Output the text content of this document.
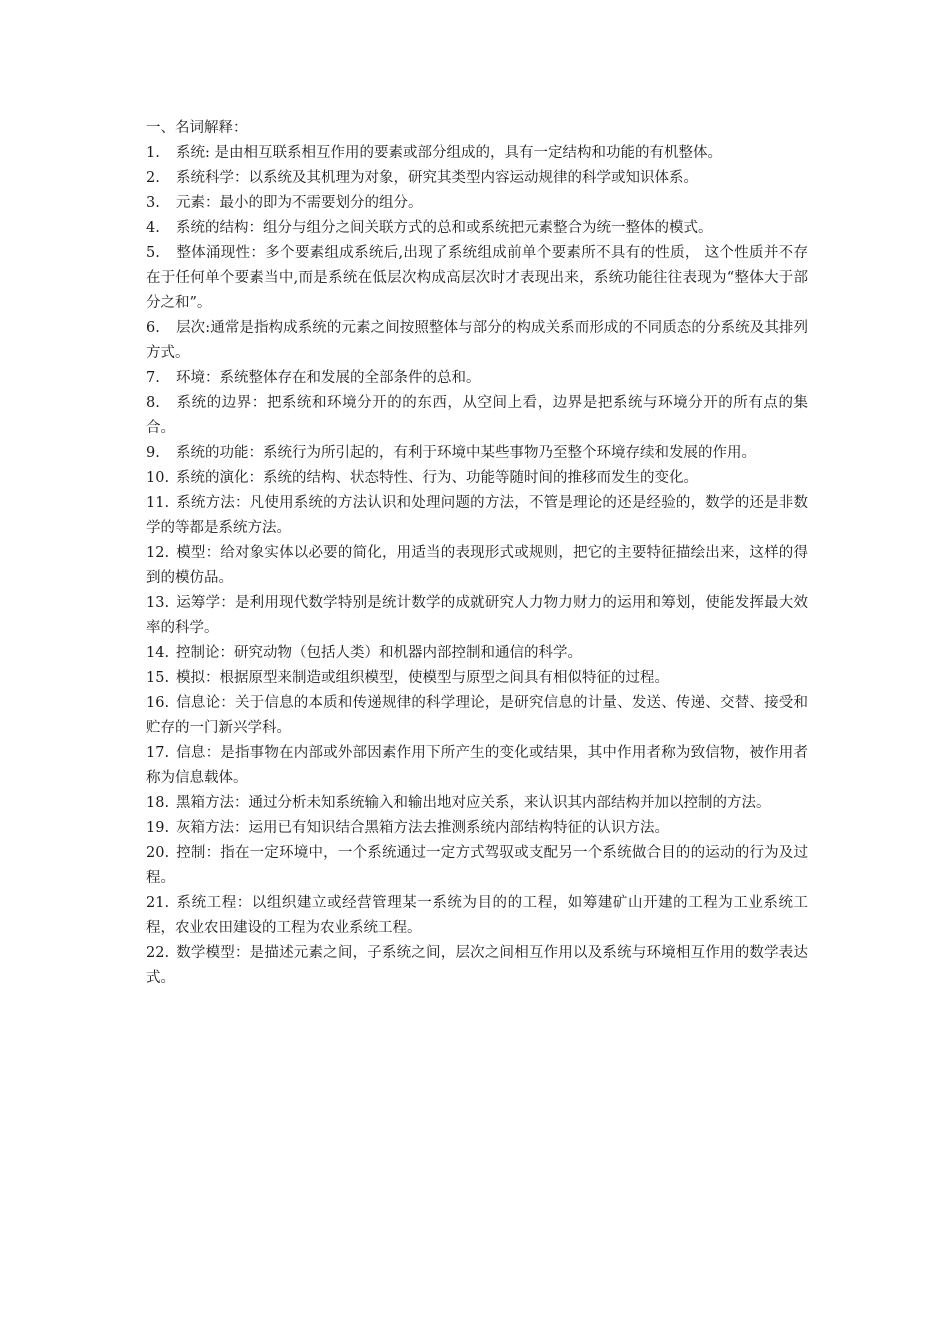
一、名词解释：

1. 系统: 是由相互联系相互作用的要素或部分组成的，具有一定结构和功能的有机整体。
2. 系统科学：以系统及其机理为对象，研究其类型内容运动规律的科学或知识体系。
3. 元素：最小的即为不需要划分的组分。
4. 系统的结构：组分与组分之间关联方式的总和或系统把元素整合为统一整体的模式。
5. 整体涌现性：多个要素组成系统后,出现了系统组成前单个要素所不具有的性质， 这个性质并不存在于任何单个要素当中,而是系统在低层次构成高层次时才表现出来，系统功能往往表现为“整体大于部分之和”。
6. 层次:通常是指构成系统的元素之间按照整体与部分的构成关系而形成的不同质态的分系统及其排列方式。
7. 环境：系统整体存在和发展的全部条件的总和。
8. 系统的边界：把系统和环境分开的的东西，从空间上看，边界是把系统与环境分开的所有点的集合。
9. 系统的功能：系统行为所引起的，有利于环境中某些事物乃至整个环境存续和发展的作用。
10. 系统的演化：系统的结构、状态特性、行为、功能等随时间的推移而发生的变化。
11. 系统方法：凡使用系统的方法认识和处理问题的方法，不管是理论的还是经验的，数学的还是非数学的等都是系统方法。
12. 模型：给对象实体以必要的简化，用适当的表现形式或规则，把它的主要特征描绘出来，这样的得到的模仿品。
13. 运筹学：是利用现代数学特别是统计数学的成就研究人力物力财力的运用和筹划，使能发挥最大效率的科学。
14. 控制论：研究动物（包括人类）和机器内部控制和通信的科学。
15. 模拟：根据原型来制造或组织模型，使模型与原型之间具有相似特征的过程。
16. 信息论：关于信息的本质和传递规律的科学理论，是研究信息的计量、发送、传递、交替、接受和贮存的一门新兴学科。
17. 信息：是指事物在内部或外部因素作用下所产生的变化或结果，其中作用者称为致信物，被作用者称为信息载体。
18. 黑箱方法：通过分析未知系统输入和输出地对应关系，来认识其内部结构并加以控制的方法。
19. 灰箱方法：运用已有知识结合黑箱方法去推测系统内部结构特征的认识方法。
20. 控制：指在一定环境中，一个系统通过一定方式驾驭或支配另一个系统做合目的的运动的行为及过程。
21. 系统工程：以组织建立或经营管理某一系统为目的的工程，如筹建矿山开建的工程为工业系统工程，农业农田建设的工程为农业系统工程。
22. 数学模型：是描述元素之间，子系统之间，层次之间相互作用以及系统与环境相互作用的数学表达式。
